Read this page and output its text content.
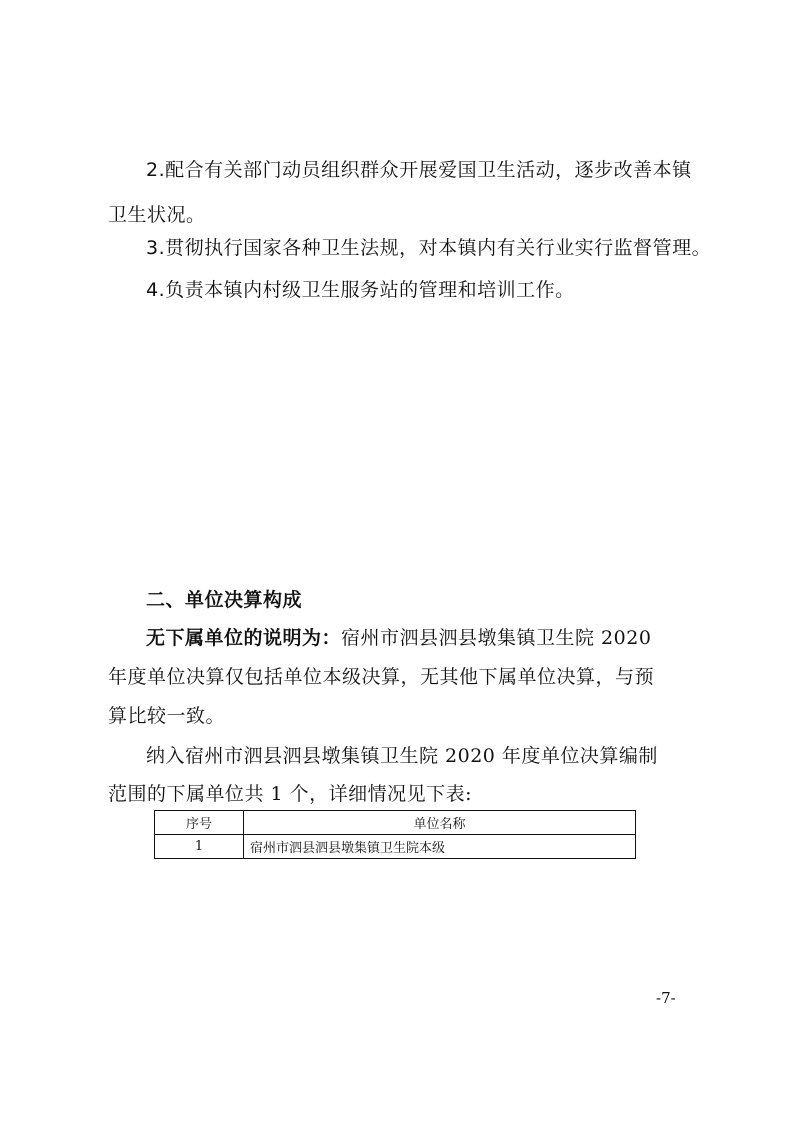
2.配合有关部门动员组织群众开展爱国卫生活动，逐步改善本镇
卫生状况。
3.贯彻执行国家各种卫生法规，对本镇内有关行业实行监督管理。
4.负责本镇内村级卫生服务站的管理和培训工作。
二、单位决算构成
无下属单位的说明为：宿州市泗县泗县墩集镇卫生院 2020
年度单位决算仅包括单位本级决算，无其他下属单位决算，与预
算比较一致。
纳入宿州市泗县泗县墩集镇卫生院 2020 年度单位决算编制
范围的下属单位共 1 个，详细情况见下表:
序号	单位名称
1	宿州市泗县泗县墩集镇卫生院本级
-7-
